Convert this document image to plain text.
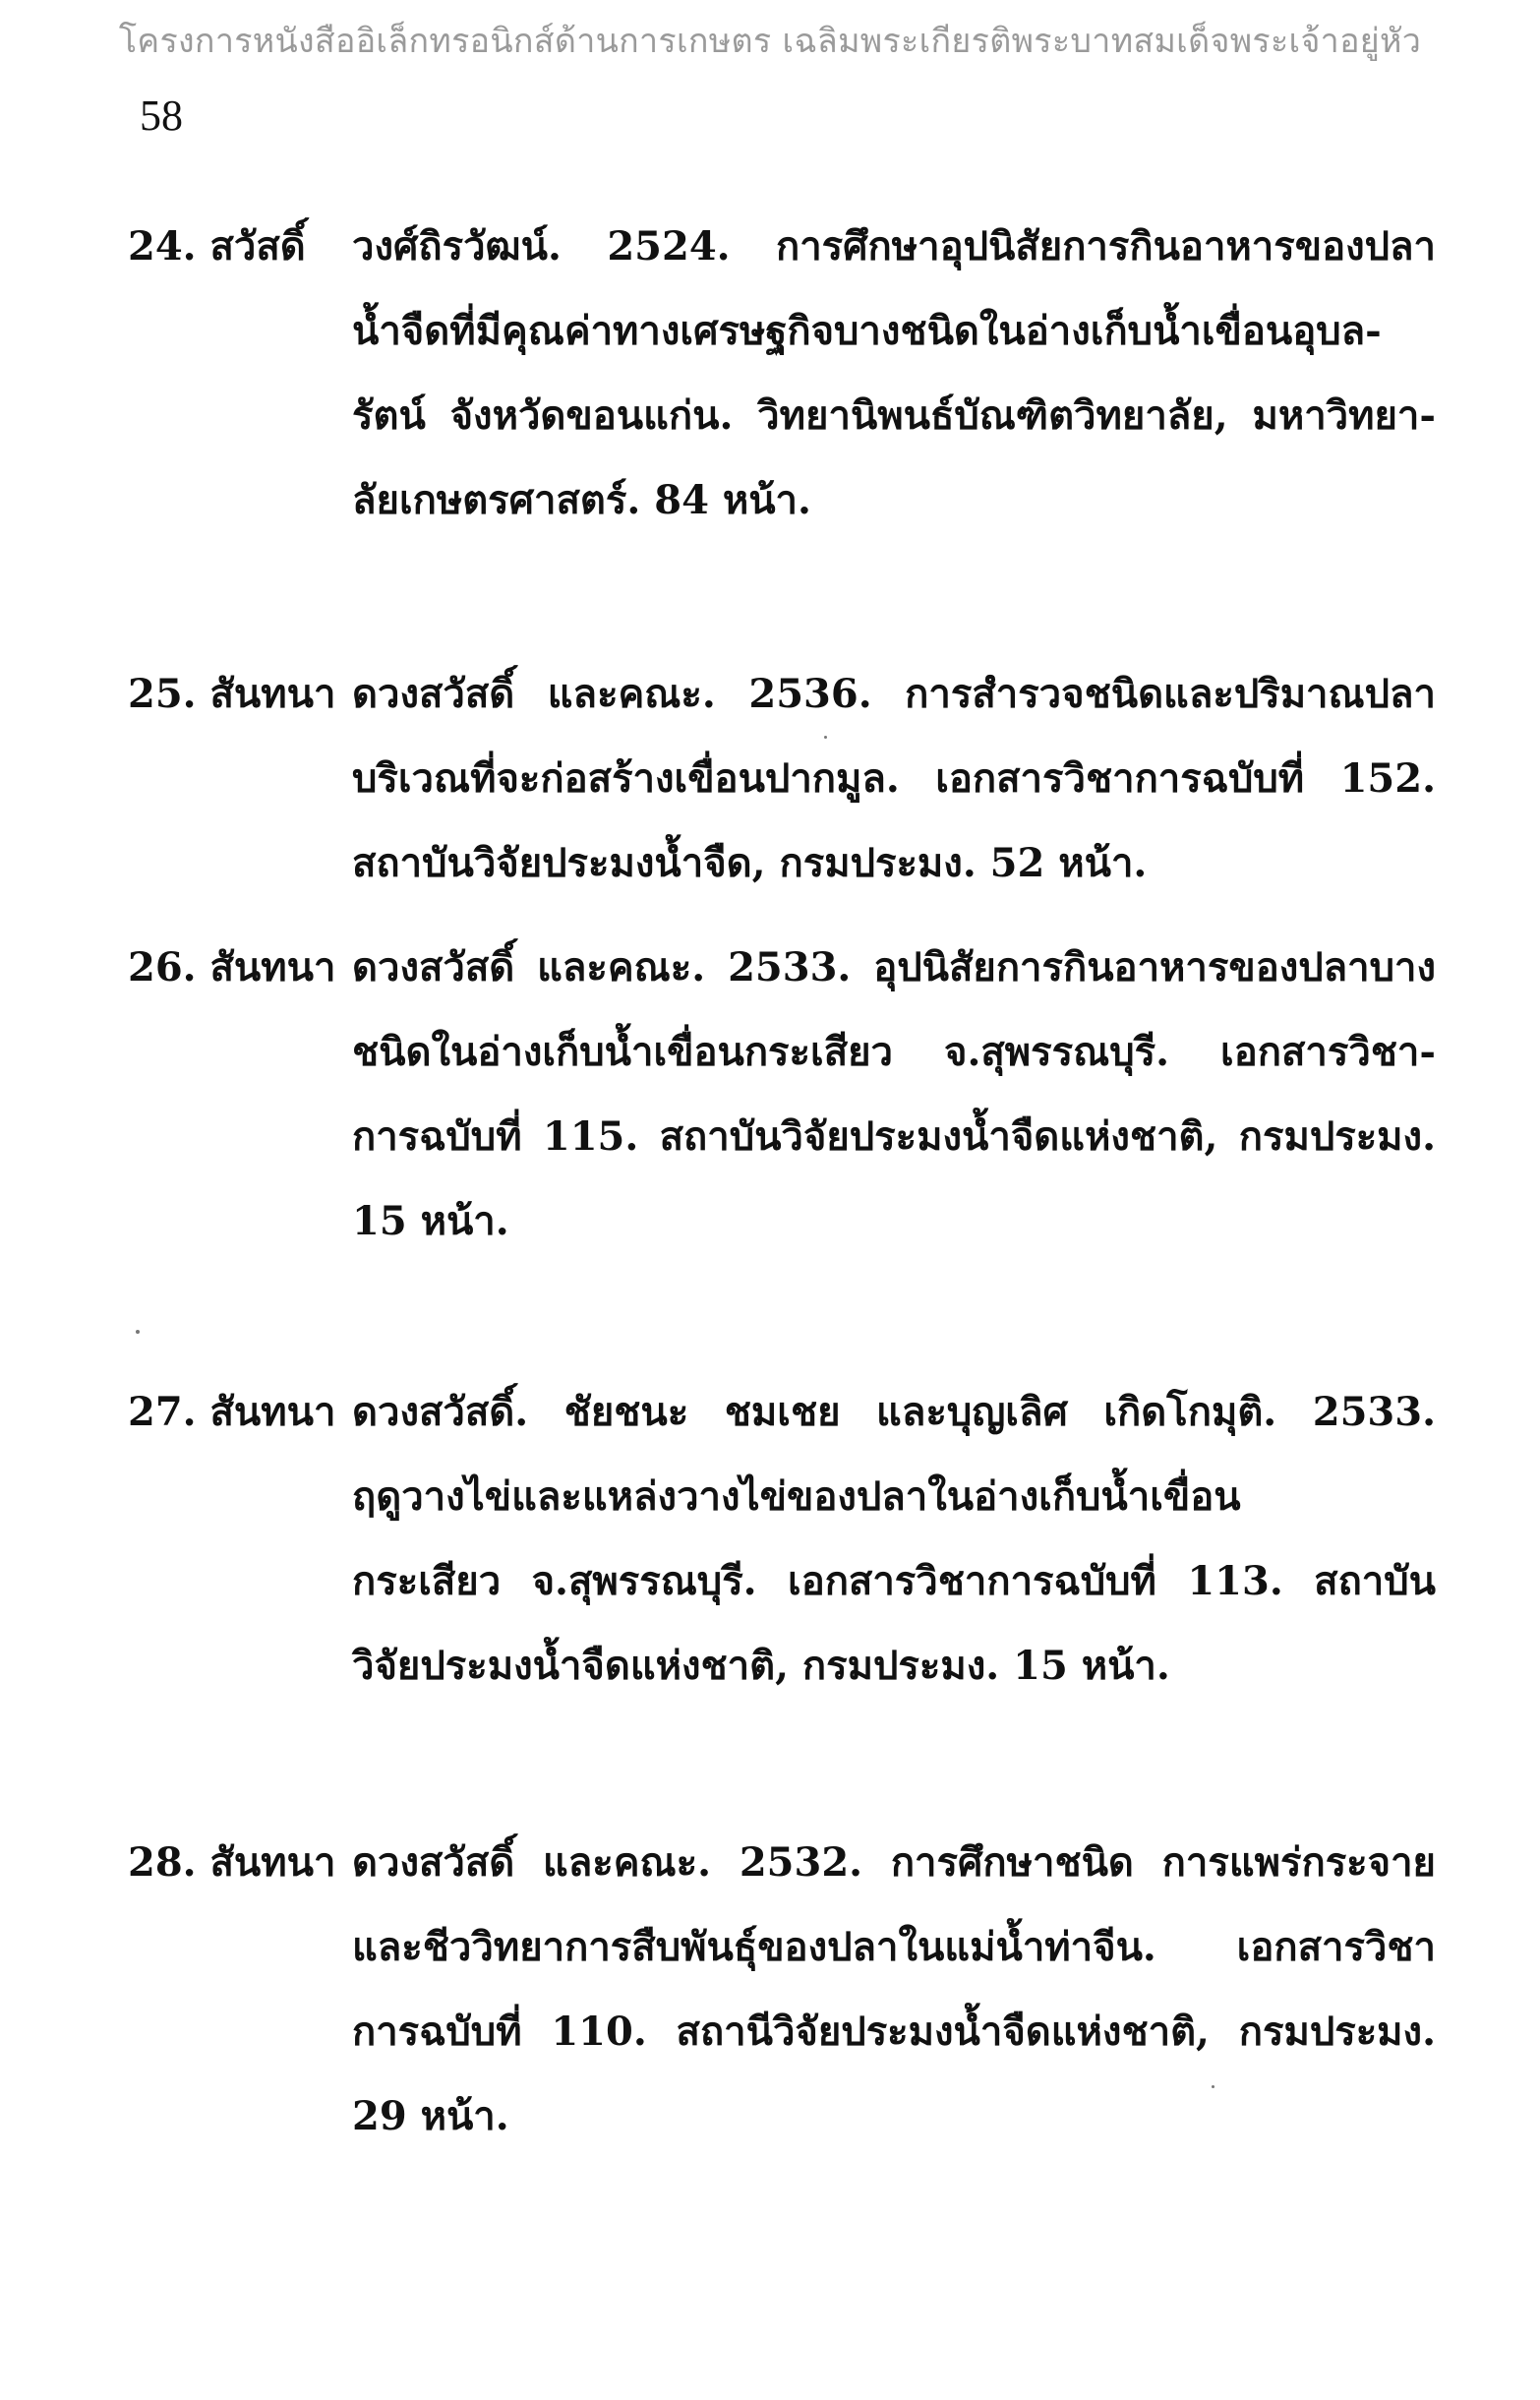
โครงการหนังสืออิเล็กทรอนิกส์ด้านการเกษตร เฉลิมพระเกียรติพระบาทสมเด็จพระเจ้าอยู่หัว
58
24. สวัสดิ์	วงศ์ถิรวัฒน์. 2524. การศึกษาอุปนิสัยการกินอาหารของปลา
น้ำจืดที่มีคุณค่าทางเศรษฐกิจบางชนิดในอ่างเก็บน้ำเขื่อนอุบล-
รัตน์ จังหวัดขอนแก่น. วิทยานิพนธ์บัณฑิตวิทยาลัย, มหาวิทยา-
ลัยเกษตรศาสตร์. 84 หน้า.
25. สันทนา ดวงสวัสดิ์ และคณะ. 2536. การสำรวจชนิดและปริมาณปลา
บริเวณที่จะก่อสร้างเขื่อนปากมูล. เอกสารวิชาการฉบับที่ 152.
สถาบันวิจัยประมงน้ำจืด, กรมประมง. 52 หน้า.
26. สันทนา ดวงสวัสดิ์ และคณะ. 2533. อุปนิสัยการกินอาหารของปลาบาง
ชนิดในอ่างเก็บน้ำเขื่อนกระเสียว จ.สุพรรณบุรี. เอกสารวิชา-
การฉบับที่ 115. สถาบันวิจัยประมงน้ำจืดแห่งชาติ, กรมประมง.
15 หน้า.
27. สันทนา ดวงสวัสดิ์. ชัยชนะ ชมเชย และบุญเลิศ เกิดโกมุติ. 2533.
ฤดูวางไข่และแหล่งวางไข่ของปลาในอ่างเก็บน้ำเขื่อน
กระเสียว จ.สุพรรณบุรี. เอกสารวิชาการฉบับที่ 113. สถาบัน
วิจัยประมงน้ำจืดแห่งชาติ, กรมประมง. 15 หน้า.
28. สันทนา ดวงสวัสดิ์ และคณะ. 2532. การศึกษาชนิด การแพร่กระจาย
และชีววิทยาการสืบพันธุ์ของปลาในแม่น้ำท่าจีน. เอกสารวิชา
การฉบับที่ 110. สถานีวิจัยประมงน้ำจืดแห่งชาติ, กรมประมง.
29 หน้า.
